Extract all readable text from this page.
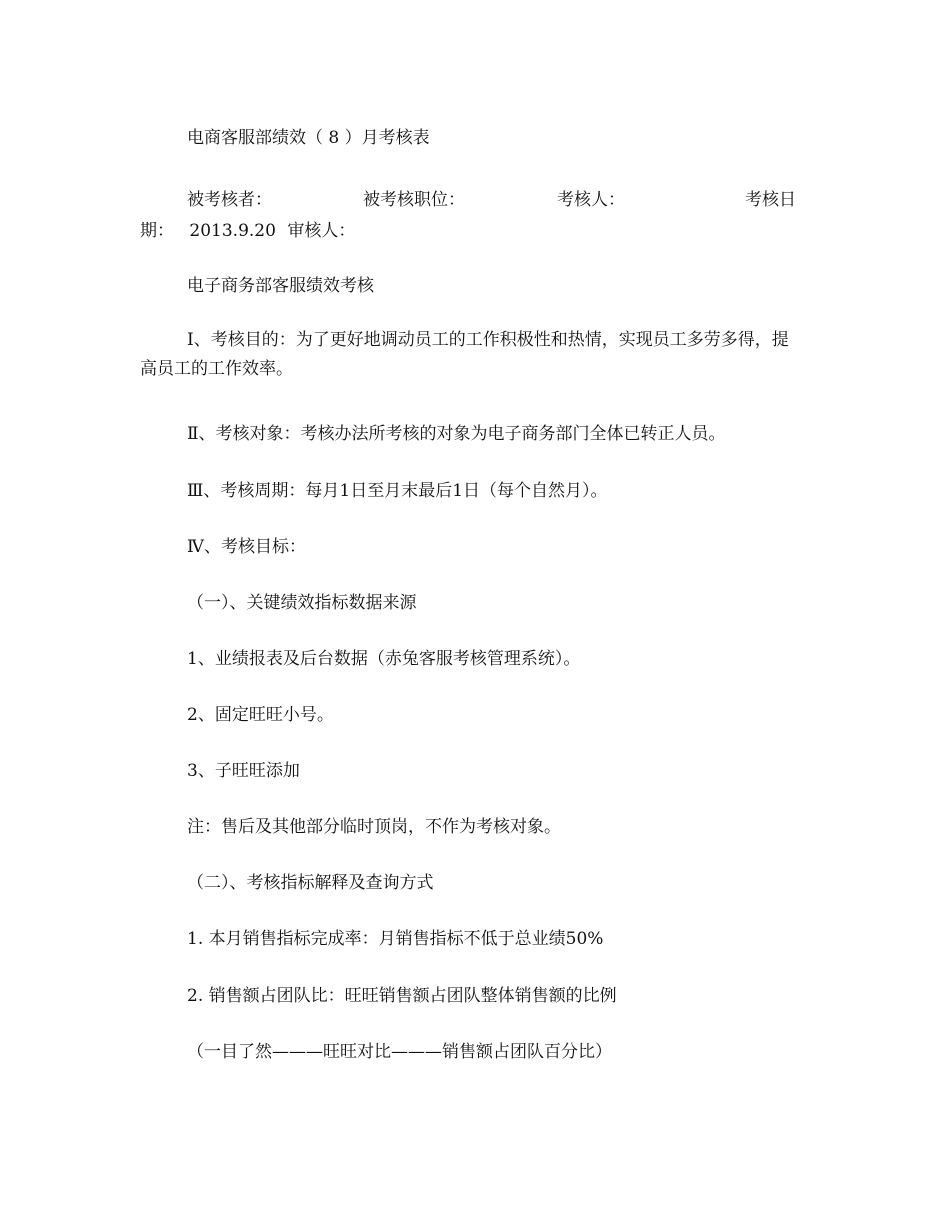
电商客服部绩效（ 8 ）月考核表
被考核者：	被考核职位：	考核人：	考核日
期： 2013.9.20 审核人：
电子商务部客服绩效考核
Ⅰ、考核目的：为了更好地调动员工的工作积极性和热情，实现员工多劳多得，提高员工的工作效率。
Ⅱ、考核对象：考核办法所考核的对象为电子商务部门全体已转正人员。
Ⅲ、考核周期：每月1日至月末最后1日（每个自然月）。
Ⅳ、考核目标：
（一）、关键绩效指标数据来源
1、业绩报表及后台数据（赤兔客服考核管理系统）。
2、固定旺旺小号。
3、子旺旺添加
注：售后及其他部分临时顶岗，不作为考核对象。
（二）、考核指标解释及查询方式
1. 本月销售指标完成率：月销售指标不低于总业绩50%
2. 销售额占团队比：旺旺销售额占团队整体销售额的比例
（一目了然———旺旺对比———销售额占团队百分比）
